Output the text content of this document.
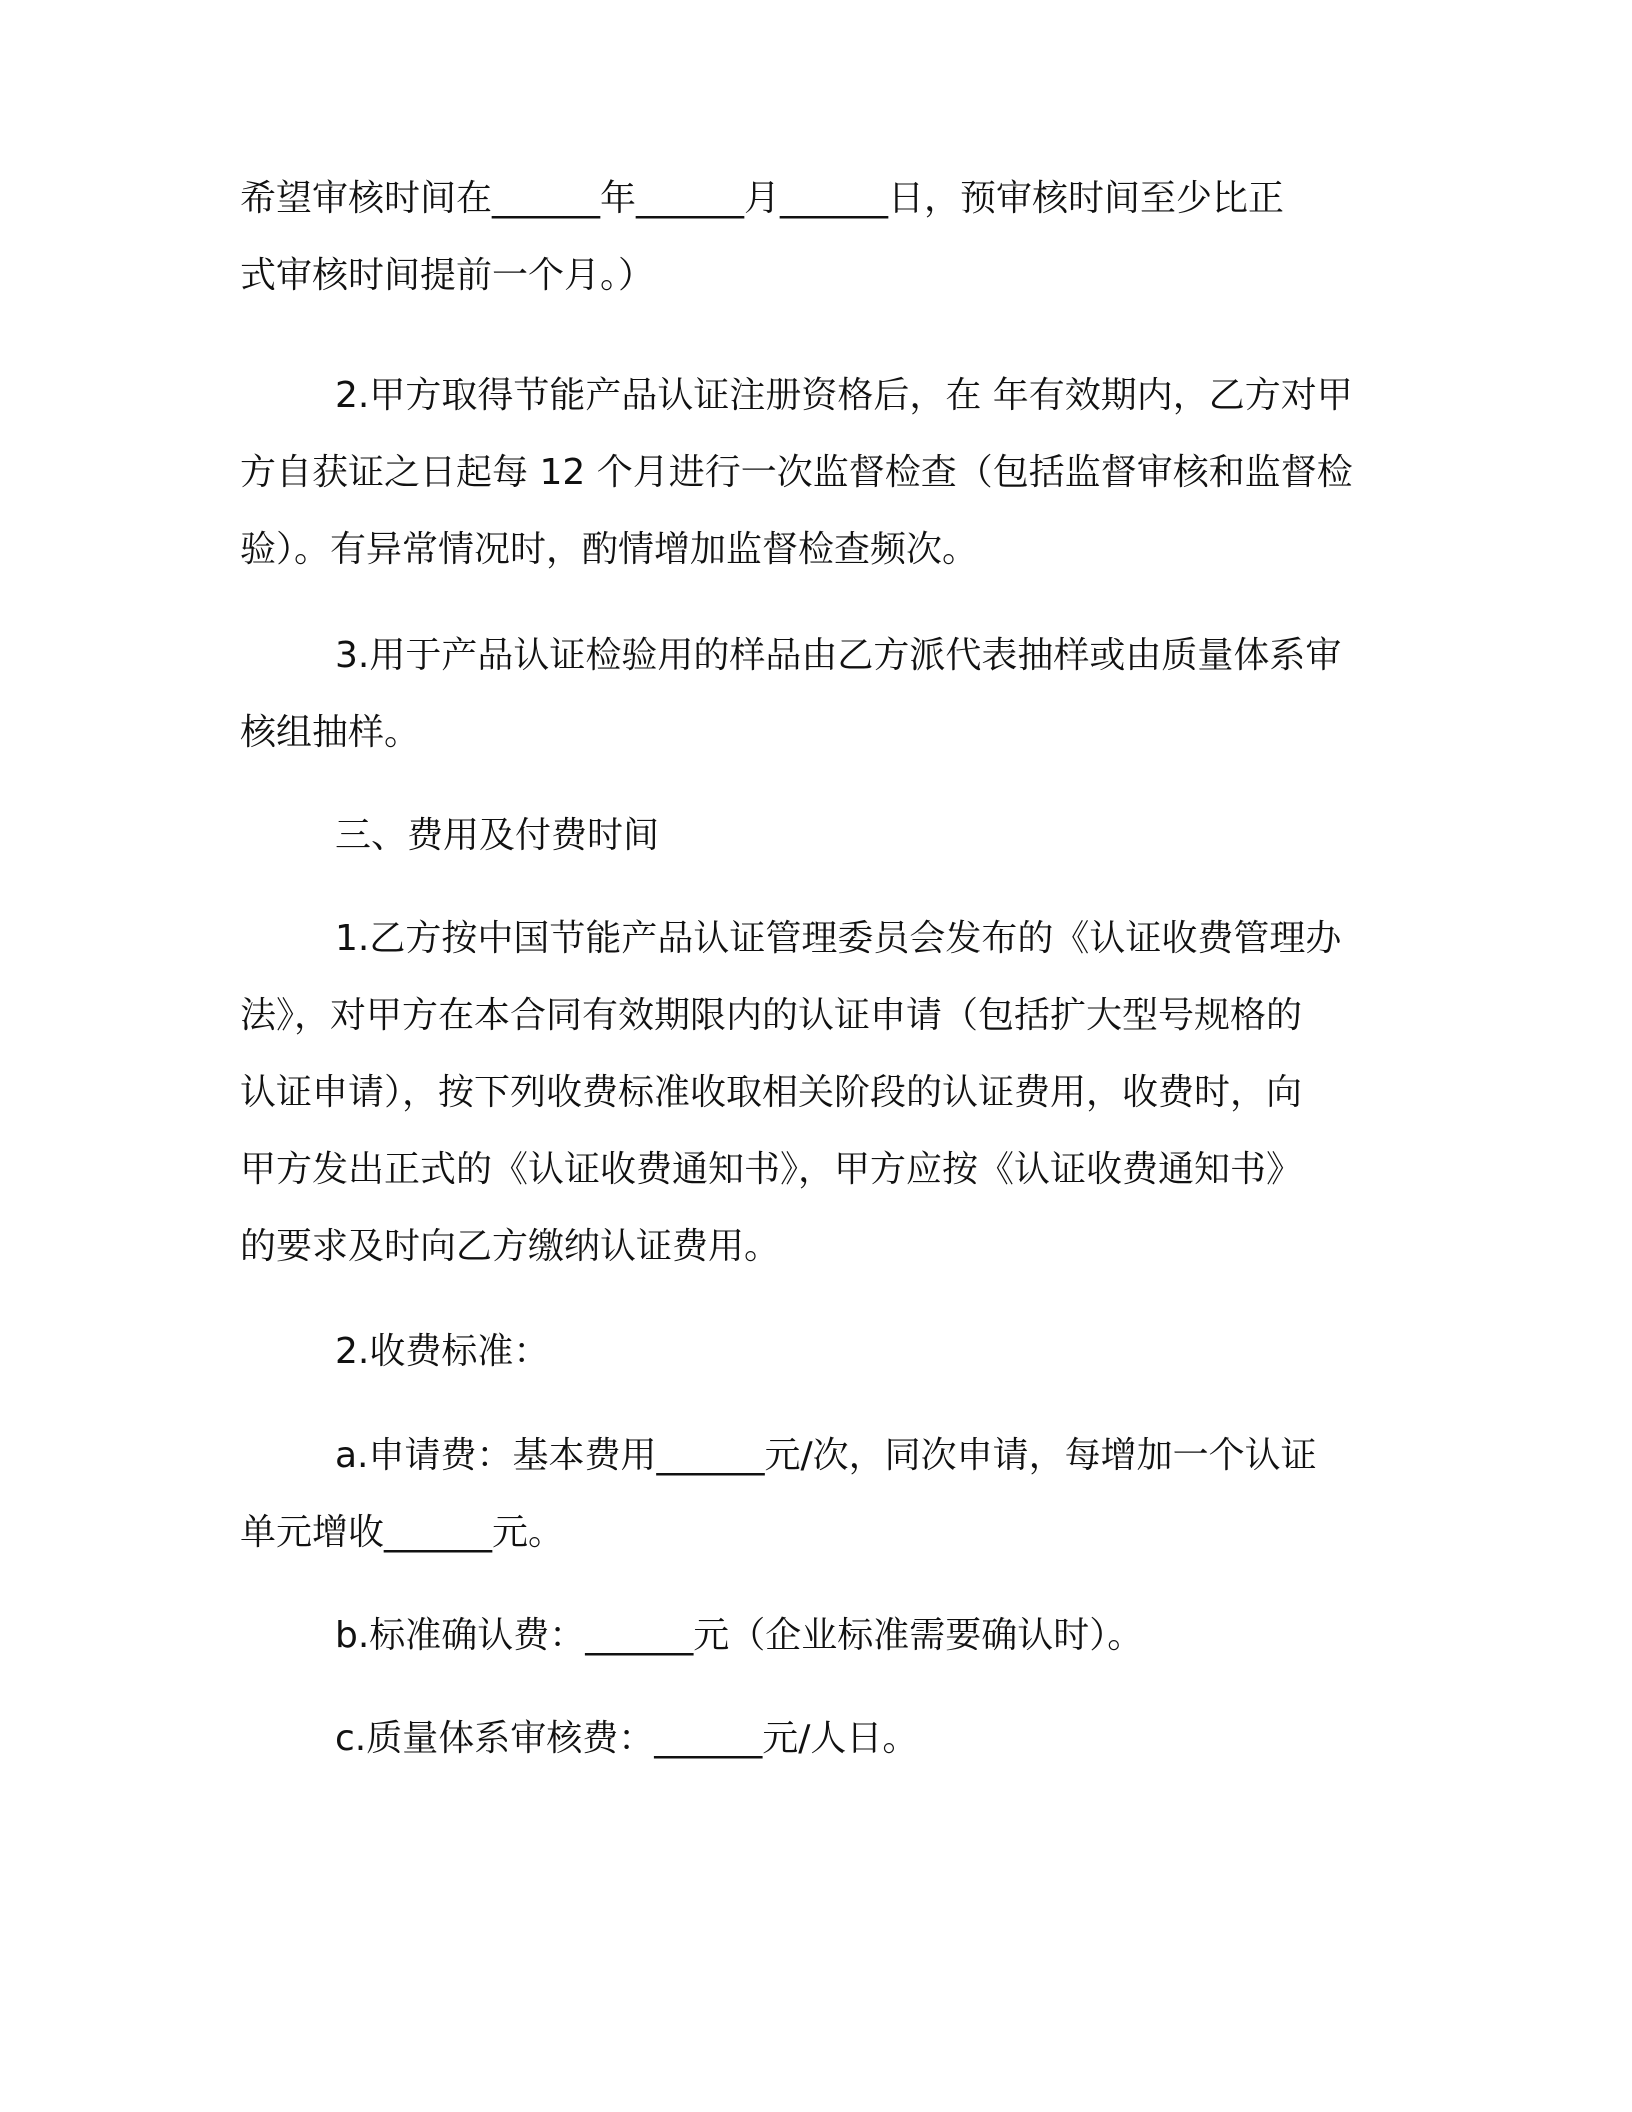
希望审核时间在______年______月______日，预审核时间至少比正
式审核时间提前一个月。）
2.甲方取得节能产品认证注册资格后，在 年有效期内，乙方对甲
方自获证之日起每 12 个月进行一次监督检查（包括监督审核和监督检
验）。有异常情况时，酌情增加监督检查频次。
3.用于产品认证检验用的样品由乙方派代表抽样或由质量体系审
核组抽样。
三、费用及付费时间
1.乙方按中国节能产品认证管理委员会发布的《认证收费管理办
法》，对甲方在本合同有效期限内的认证申请（包括扩大型号规格的
认证申请），按下列收费标准收取相关阶段的认证费用，收费时，向
甲方发出正式的《认证收费通知书》，甲方应按《认证收费通知书》
的要求及时向乙方缴纳认证费用。
2.收费标准：
a.申请费：基本费用______元/次，同次申请，每增加一个认证
单元增收______元。
b.标准确认费：______元（企业标准需要确认时）。
c.质量体系审核费：______元/人日。
